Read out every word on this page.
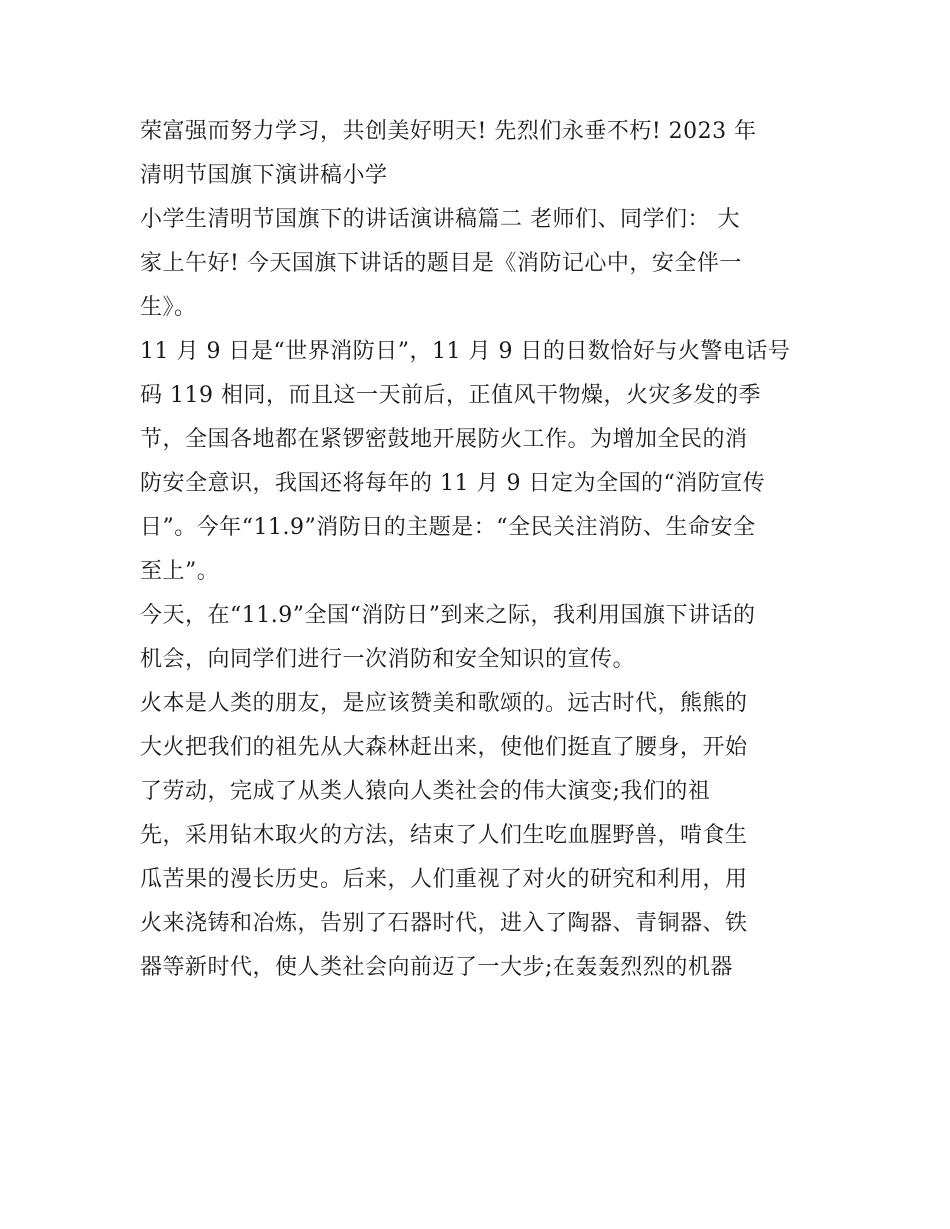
荣富强而努力学习，共创美好明天! 先烈们永垂不朽! 2023 年
清明节国旗下演讲稿小学
小学生清明节国旗下的讲话演讲稿篇二 老师们、同学们： 大
家上午好! 今天国旗下讲话的题目是《消防记心中，安全伴一
生》。
11 月 9 日是“世界消防日”，11 月 9 日的日数恰好与火警电话号
码 119 相同，而且这一天前后，正值风干物燥，火灾多发的季
节，全国各地都在紧锣密鼓地开展防火工作。为增加全民的消
防安全意识，我国还将每年的 11 月 9 日定为全国的“消防宣传
日”。今年“11.9”消防日的主题是：“全民关注消防、生命安全
至上”。
今天，在“11.9”全国“消防日”到来之际，我利用国旗下讲话的
机会，向同学们进行一次消防和安全知识的宣传。
火本是人类的朋友，是应该赞美和歌颂的。远古时代，熊熊的
大火把我们的祖先从大森林赶出来，使他们挺直了腰身，开始
了劳动，完成了从类人猿向人类社会的伟大演变;我们的祖
先，采用钻木取火的方法，结束了人们生吃血腥野兽，啃食生
瓜苦果的漫长历史。后来，人们重视了对火的研究和利用，用
火来浇铸和冶炼，告别了石器时代，进入了陶器、青铜器、铁
器等新时代，使人类社会向前迈了一大步;在轰轰烈烈的机器
